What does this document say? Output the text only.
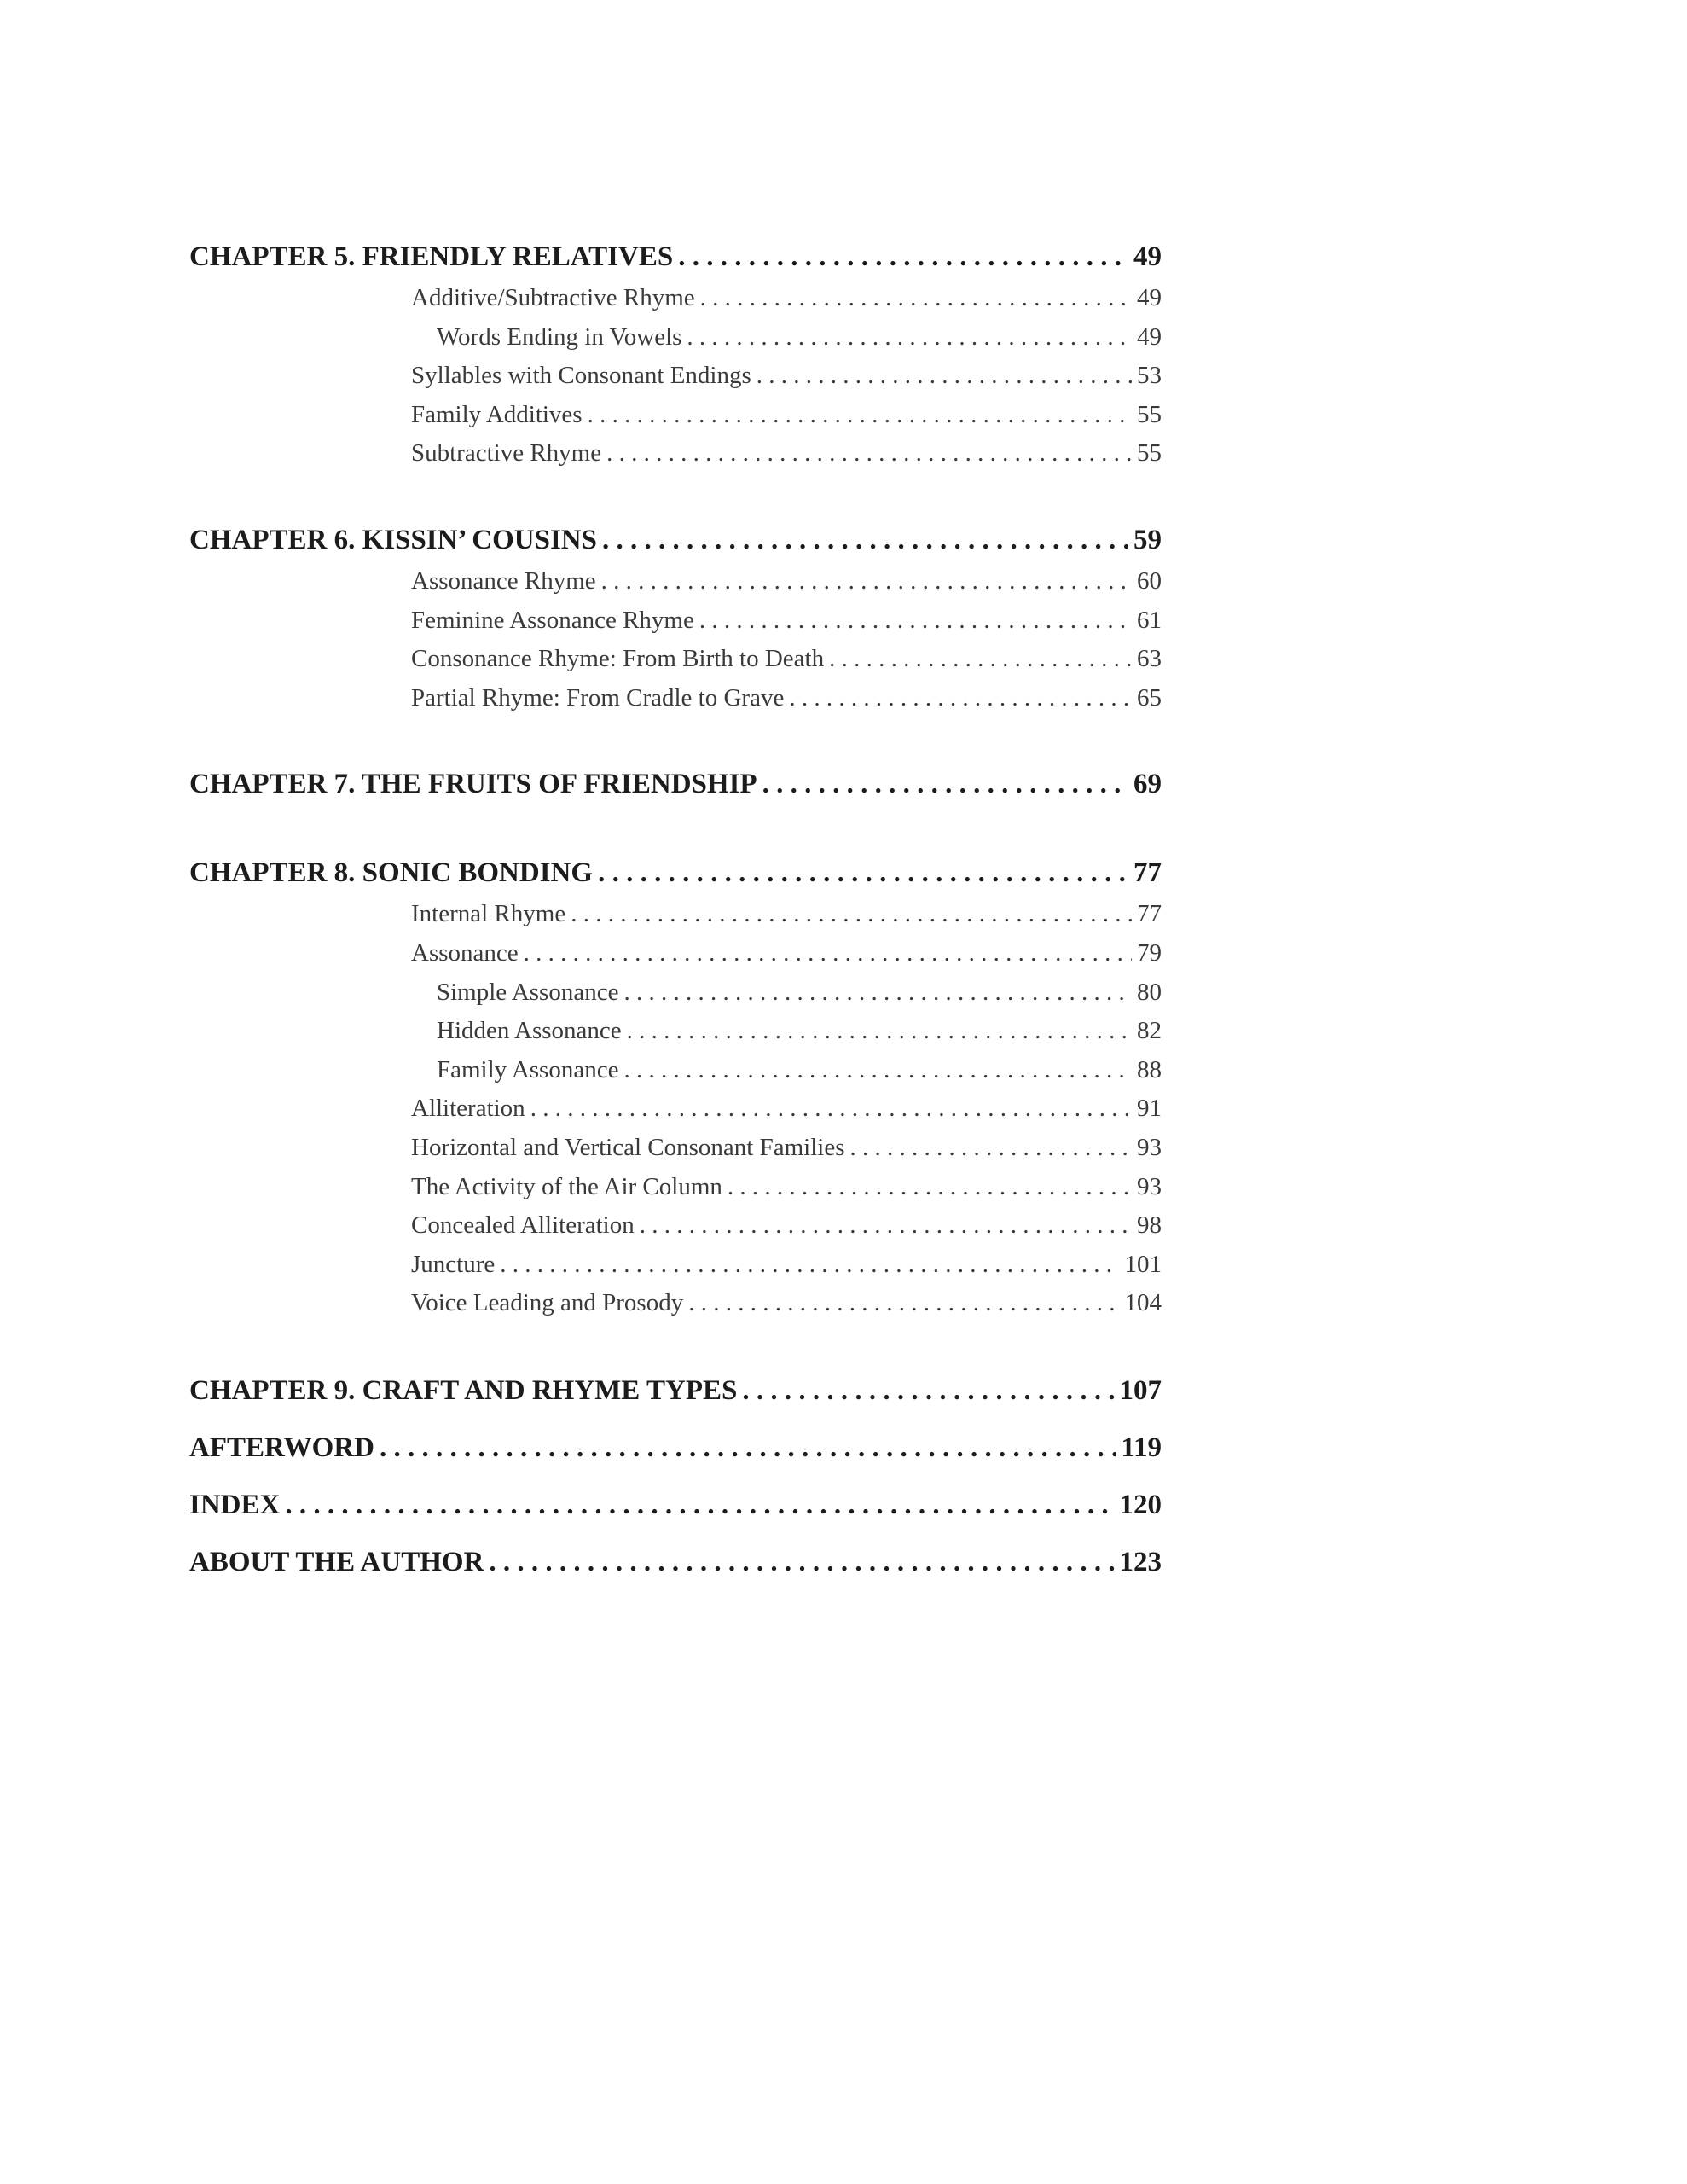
CHAPTER 5. FRIENDLY RELATIVES . . .	49
Additive/Subtractive Rhyme . . .	49
Words Ending in Vowels . . .	49
Syllables with Consonant Endings . . .	53
Family Additives . . .	55
Subtractive Rhyme . . .	55
CHAPTER 6. KISSIN’ COUSINS . . .	59
Assonance Rhyme . . .	60
Feminine Assonance Rhyme . . .	61
Consonance Rhyme: From Birth to Death . . .	63
Partial Rhyme: From Cradle to Grave . . .	65
CHAPTER 7. THE FRUITS OF FRIENDSHIP . . .	69
CHAPTER 8. SONIC BONDING . . .	77
Internal Rhyme . . .	77
Assonance . . .	79
Simple Assonance . . .	80
Hidden Assonance . . .	82
Family Assonance . . .	88
Alliteration . . .	91
Horizontal and Vertical Consonant Families . . .	93
The Activity of the Air Column . . .	93
Concealed Alliteration . . .	98
Juncture . . .	101
Voice Leading and Prosody . . .	104
CHAPTER 9. CRAFT AND RHYME TYPES . . .	107
AFTERWORD . . .	119
INDEX . . .	120
ABOUT THE AUTHOR . . .	123
